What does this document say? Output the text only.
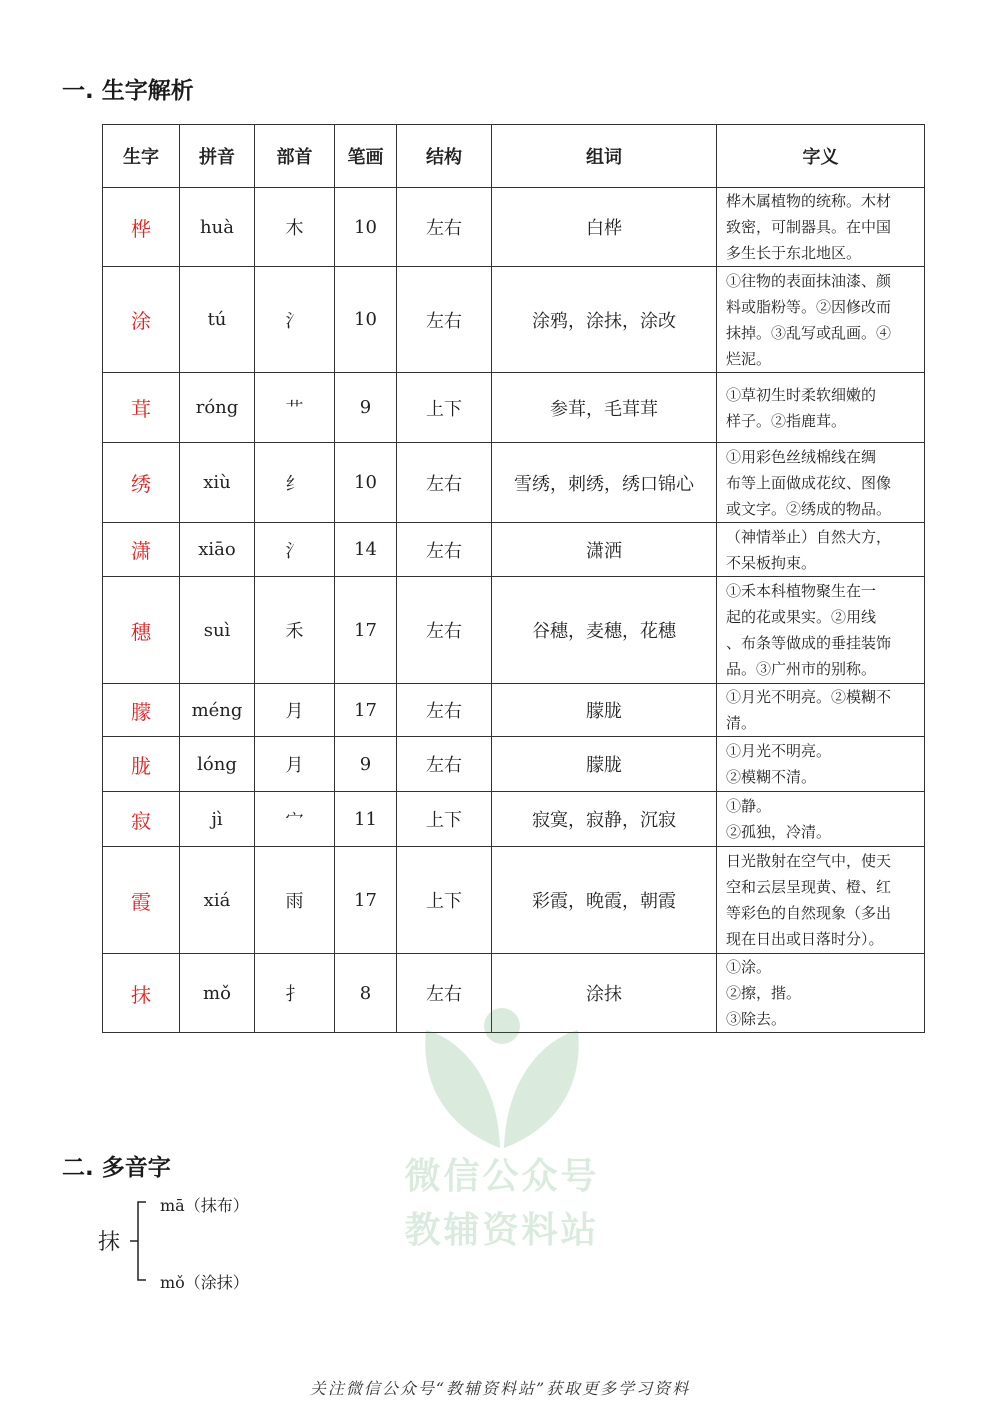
一. 生字解析
生字	拼音	部首	笔画	结构	组词	字义
桦	huà	木	10	左右	白桦	桦木属植物的统称。木材
致密，可制器具。在中国
多生长于东北地区。

涂	tú	氵	10	左右	涂鸦，涂抹，涂改	①往物的表面抹油漆、颜
料或脂粉等。②因修改而
抹掉。③乱写或乱画。④
烂泥。

茸	róng	艹	9	上下	参茸，毛茸茸	①草初生时柔软细嫩的
样子。②指鹿茸。

绣	xiù	纟	10	左右	雪绣，刺绣，绣口锦心	①用彩色丝绒棉线在绸
布等上面做成花纹、图像
或文字。②绣成的物品。

潇	xiāo	氵	14	左右	潇洒	（神情举止）自然大方，
不呆板拘束。

穗	suì	禾	17	左右	谷穗，麦穗，花穗	①禾本科植物聚生在一
起的花或果实。②用线
、布条等做成的垂挂装饰
品。③广州市的别称。

朦	méng	月	17	左右	朦胧	①月光不明亮。②模糊不
清。

胧	lóng	月	9	左右	朦胧	①月光不明亮。
②模糊不清。

寂	jì	宀	11	上下	寂寞，寂静，沉寂	①静。
②孤独，冷清。

霞	xiá	雨	17	上下	彩霞，晚霞，朝霞	日光散射在空气中，使天
空和云层呈现黄、橙、红
等彩色的自然现象（多出
现在日出或日落时分）。

抹	mǒ	扌	8	左右	涂抹	①涂。
②擦，揩。
③除去。
二. 多音字
抹
mā（抹布）
mǒ（涂抹）
微信公众号
教辅资料站
关注微信公众号“教辅资料站”获取更多学习资料
